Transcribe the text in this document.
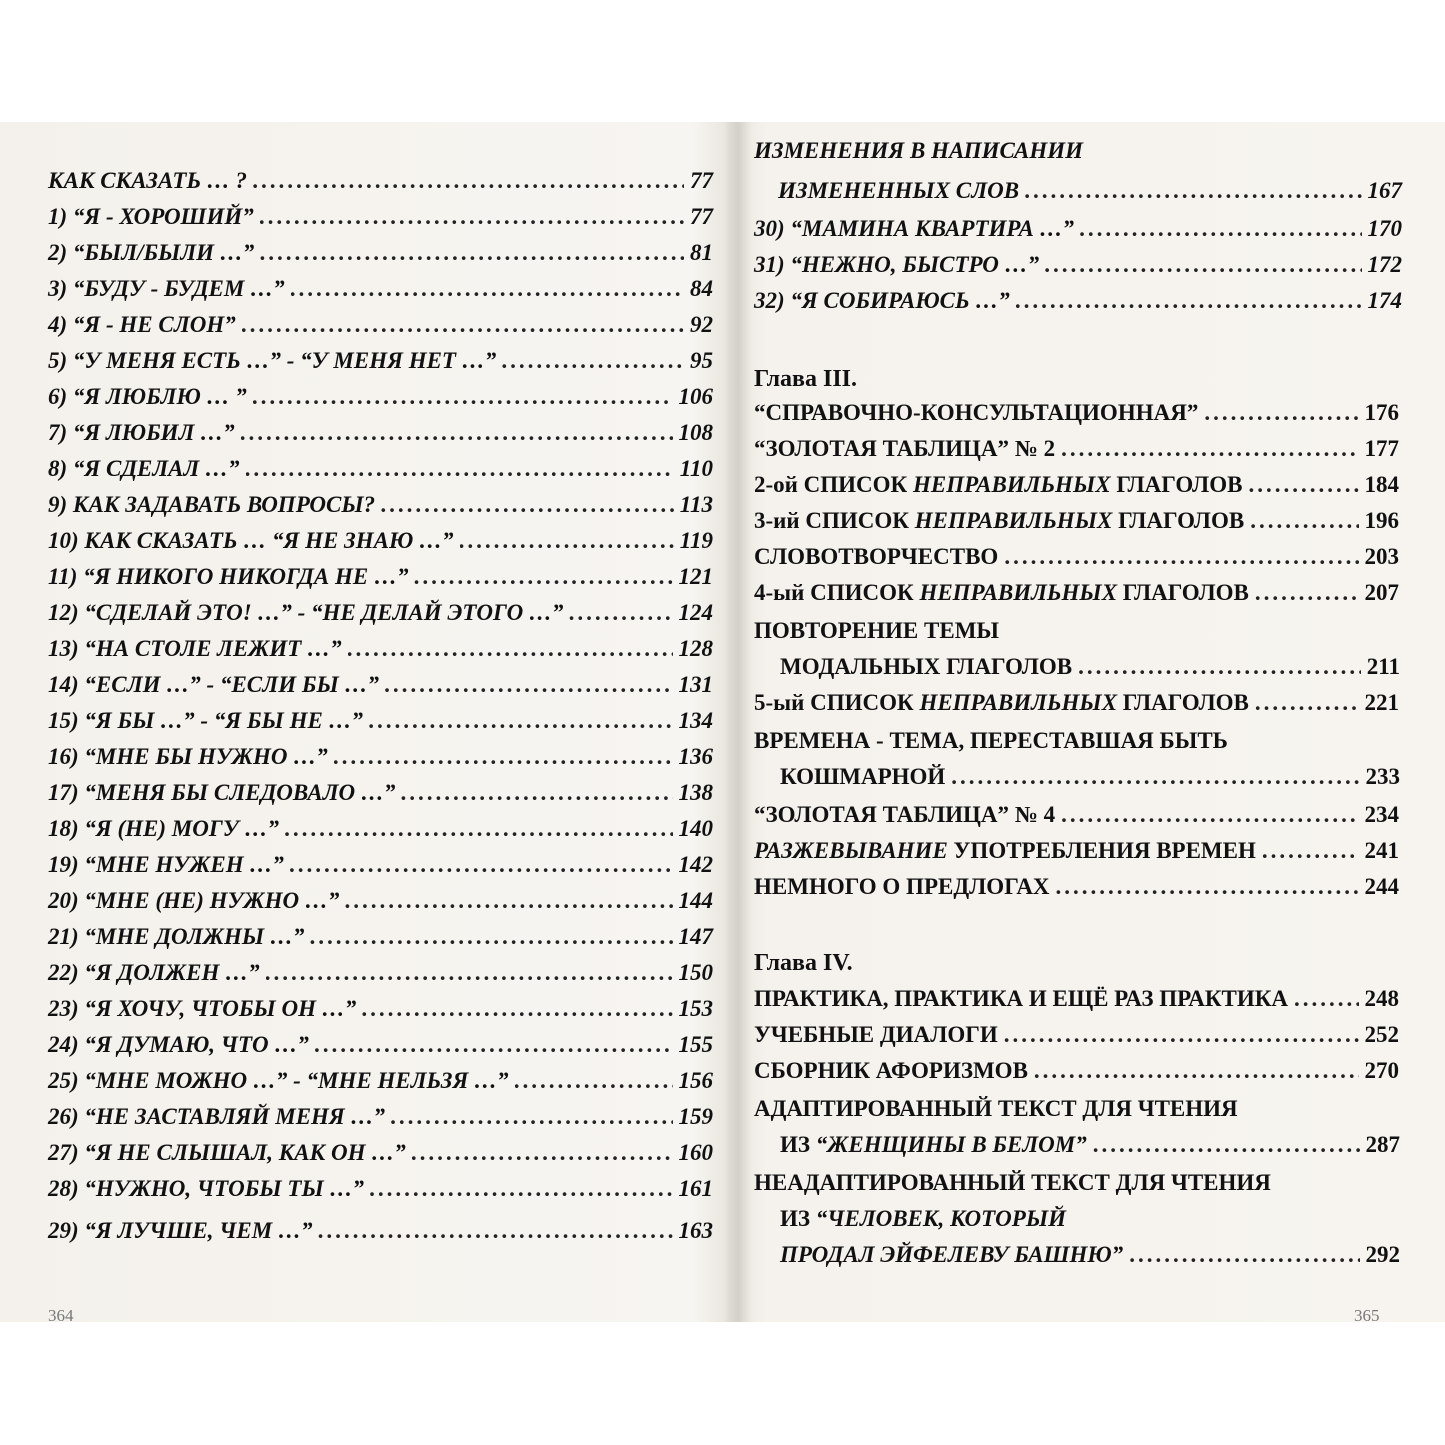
КАК СКАЗАТЬ … ? .....	77
1) “Я - ХОРОШИЙ” .....	77
2) “БЫЛ/БЫЛИ …” .....	81
3) “БУДУ - БУДЕМ …” .....	84
4) “Я - НЕ СЛОН” .....	92
5) “У МЕНЯ ЕСТЬ …” - “У МЕНЯ НЕТ …” .....	95
6) “Я ЛЮБЛЮ … ” .....	106
7) “Я ЛЮБИЛ …” .....	108
8) “Я СДЕЛАЛ …” .....	110
9) КАК ЗАДАВАТЬ ВОПРОСЫ? .....	113
10) КАК СКАЗАТЬ … “Я НЕ ЗНАЮ …” .....	119
11) “Я НИКОГО НИКОГДА НЕ …” .....	121
12) “СДЕЛАЙ ЭТО! …” - “НЕ ДЕЛАЙ ЭТОГО …” .....	124
13) “НА СТОЛЕ ЛЕЖИТ …” .....	128
14) “ЕСЛИ …” - “ЕСЛИ БЫ …” .....	131
15) “Я БЫ …” - “Я БЫ НЕ …” .....	134
16) “МНЕ БЫ НУЖНО …” .....	136
17) “МЕНЯ БЫ СЛЕДОВАЛО …” .....	138
18) “Я (НЕ) МОГУ …” .....	140
19) “МНЕ НУЖЕН …” .....	142
20) “МНЕ (НЕ) НУЖНО …” .....	144
21) “МНЕ ДОЛЖНЫ …” .....	147
22) “Я ДОЛЖЕН …” .....	150
23) “Я ХОЧУ, ЧТОБЫ ОН …” .....	153
24) “Я ДУМАЮ, ЧТО …” .....	155
25) “МНЕ МОЖНО …” - “МНЕ НЕЛЬЗЯ …” .....	156
26) “НЕ ЗАСТАВЛЯЙ МЕНЯ …” .....	159
27) “Я НЕ СЛЫШАЛ, КАК ОН …” .....	160
28) “НУЖНО, ЧТОБЫ ТЫ …” .....	161
29) “Я ЛУЧШЕ, ЧЕМ …” .....	163
ИЗМЕНЕНИЯ В НАПИСАНИИ
ИЗМЕНЕННЫХ СЛОВ .....	167
30) “МАМИНА КВАРТИРА …” .....	170
31) “НЕЖНО, БЫСТРО …” .....	172
32) “Я СОБИРАЮСЬ …” .....	174
Глава III.
“СПРАВОЧНО-КОНСУЛЬТАЦИОННАЯ” .....	176
“ЗОЛОТАЯ ТАБЛИЦА” № 2 .....	177
2-ой СПИСОК НЕПРАВИЛЬНЫХ ГЛАГОЛОВ .....	184
3-ий СПИСОК НЕПРАВИЛЬНЫХ ГЛАГОЛОВ .....	196
СЛОВОТВОРЧЕСТВО .....	203
4-ый СПИСОК НЕПРАВИЛЬНЫХ ГЛАГОЛОВ .....	207
ПОВТОРЕНИЕ ТЕМЫ
МОДАЛЬНЫХ ГЛАГОЛОВ .....	211
5-ый СПИСОК НЕПРАВИЛЬНЫХ ГЛАГОЛОВ .....	221
ВРЕМЕНА - ТЕМА, ПЕРЕСТАВШАЯ БЫТЬ
КОШМАРНОЙ .....	233
“ЗОЛОТАЯ ТАБЛИЦА” № 4 .....	234
РАЗЖЕВЫВАНИЕ УПОТРЕБЛЕНИЯ ВРЕМЕН .....	241
НЕМНОГО О ПРЕДЛОГАХ .....	244
Глава IV.
ПРАКТИКА, ПРАКТИКА И ЕЩЁ РАЗ ПРАКТИКА .....	248
УЧЕБНЫЕ ДИАЛОГИ .....	252
СБОРНИК АФОРИЗМОВ .....	270
АДАПТИРОВАННЫЙ ТЕКСТ ДЛЯ ЧТЕНИЯ
ИЗ “ЖЕНЩИНЫ В БЕЛОМ” .....	287
НЕАДАПТИРОВАННЫЙ ТЕКСТ ДЛЯ ЧТЕНИЯ
ИЗ “ЧЕЛОВЕК, КОТОРЫЙ
ПРОДАЛ ЭЙФЕЛЕВУ БАШНЮ” .....	292
364	365
